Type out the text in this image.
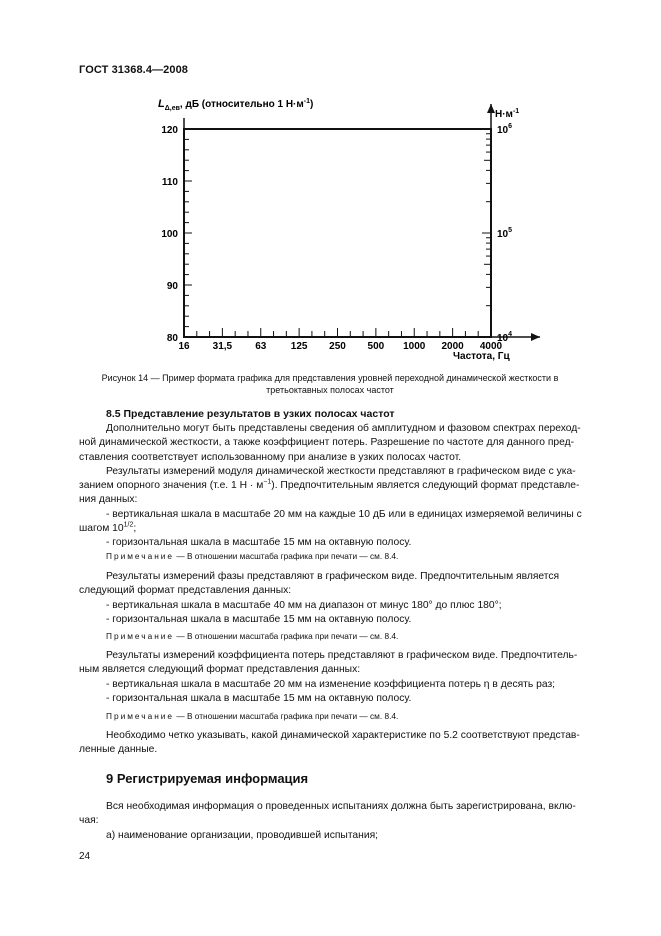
ГОСТ 31368.4—2008
$L_{\Delta,ев}$, дБ (относительно 1 $Н\cdot м^{-1}$)
$Н\cdot м^{-1}$
120
110
100
90
80
$10^6$
$10^5$
$10^4$
16 31,5 63 125 250 500 1000 2000 4000
Частота, Гц
Рисунок 14 — Пример формата графика для представления уровней переходной динамической жесткости в
третьоктавных полосах частот
8.5 Представление результатов в узких полосах частот

Дополнительно могут быть представлены сведения об амплитудном и фазовом спектрах переход-

ной динамической жесткости, а также коэффициент потерь. Разрешение по частоте для данного пред-

ставления соответствует использованному при анализе в узких полосах частот.

Результаты измерений модуля динамической жесткости представляют в графическом виде с ука-

занием опорного значения (т.е. 1 $Н \cdot м^{-1}$). Предпочтительным является следующий формат представле-

ния данных:

- вертикальная шкала в масштабе 20 мм на каждые 10 дБ или в единицах измеряемой величины с

шагом $10^{1/2}$;

- горизонтальная шкала в масштабе 15 мм на октавную полосу.

Примечание — В отношении масштаба графика при печати — см. 8.4.

Результаты измерений фазы представляют в графическом виде. Предпочтительным является

следующий формат представления данных:

- вертикальная шкала в масштабе 40 мм на диапазон от минус 180° до плюс 180°;

- горизонтальная шкала в масштабе 15 мм на октавную полосу.

Примечание — В отношении масштаба графика при печати — см. 8.4.

Результаты измерений коэффициента потерь представляют в графическом виде. Предпочтитель-

ным является следующий формат представления данных:

- вертикальная шкала в масштабе 20 мм на изменение коэффициента потерь η в десять раз;

- горизонтальная шкала в масштабе 15 мм на октавную полосу.

Примечание — В отношении масштаба графика при печати — см. 8.4.

Необходимо четко указывать, какой динамической характеристике по 5.2 соответствуют представ-

ленные данные.

9 Регистрируемая информация

Вся необходимая информация о проведенных испытаниях должна быть зарегистрирована, вклю-

чая:

а) наименование организации, проводившей испытания;

24
